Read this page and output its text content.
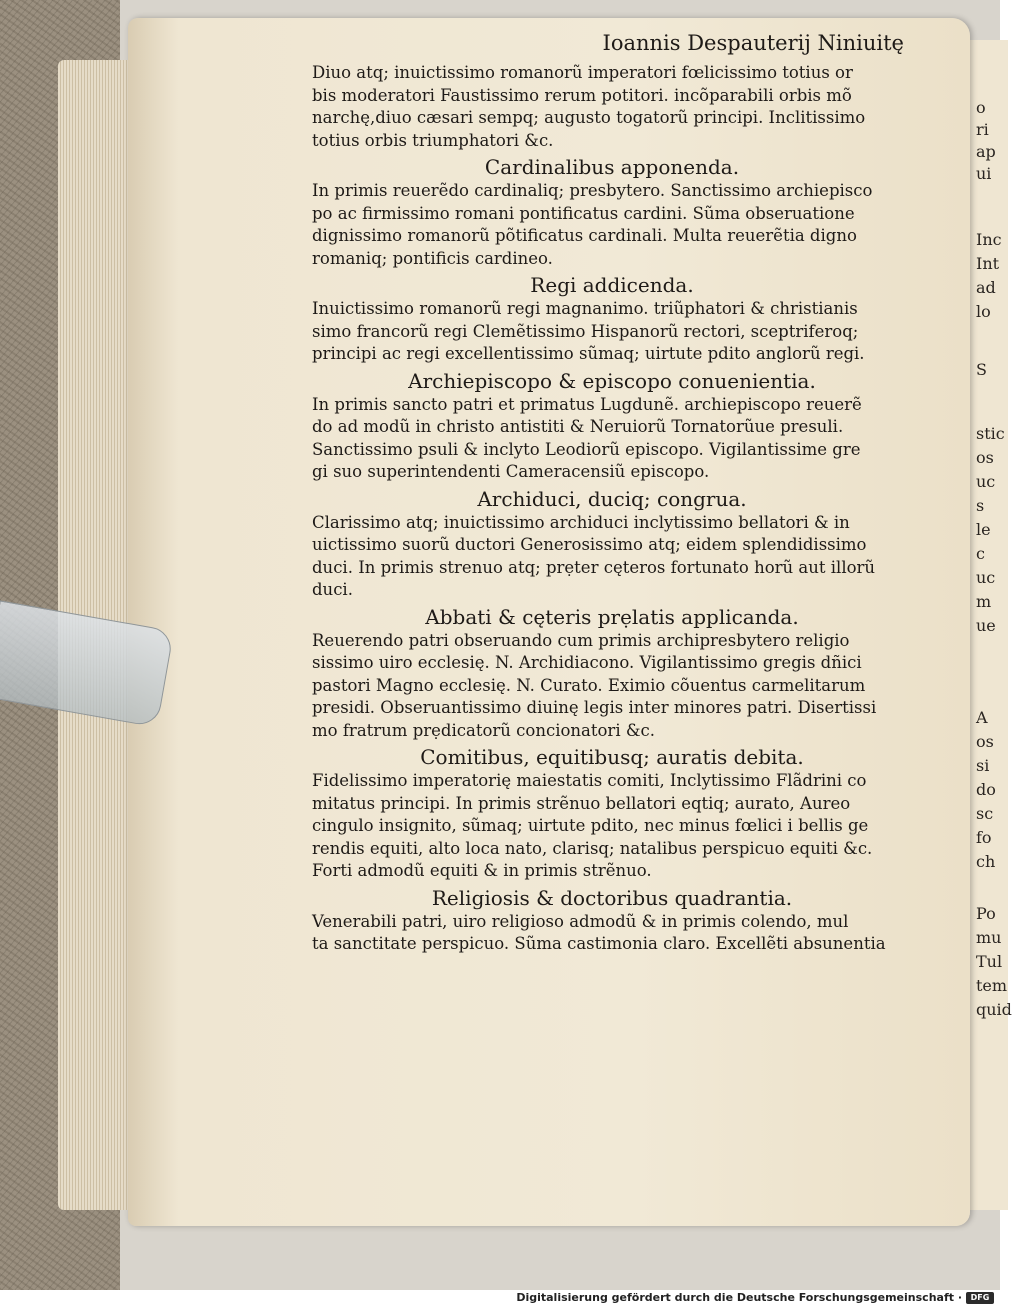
o
ri
ap
ui
Inc
Int
ad
lo
S
stic
os
uc
s
le
c
uc
m
ue
A
os
si
do
sc
fo
ch
Po
mu
Tul
tem
quid
Ioannis Despauterij Niniuitę
Diuo atq; inuictissimo romanorũ imperatori fœlicissimo totius or
bis moderatori Faustissimo rerum potitori. incõparabili orbis mõ
narchę,diuo cæsari sempq; augusto togatorũ principi. Inclitissimo
totius orbis triumphatori &c.
Cardinalibus apponenda.
In primis reuerẽdo cardinaliq; presbytero. Sanctissimo archiepisco
po ac firmissimo romani pontificatus cardini. Sũma obseruatione
dignissimo romanorũ põtificatus cardinali. Multa reuerẽtia digno
romaniq; pontificis cardineo.
Regi addicenda.
Inuictissimo romanorũ regi magnanimo. triũphatori & christianis
simo francorũ regi Clemẽtissimo Hispanorũ rectori, sceptriferoq;
principi ac regi excellentissimo sũmaq; uirtute pdito anglorũ regi.
Archiepiscopo & episcopo conuenientia.
In primis sancto patri et primatus Lugdunẽ. archiepiscopo reuerẽ
do ad modũ in christo antistiti & Neruiorũ Tornatorũue presuli.
Sanctissimo psuli & inclyto Leodiorũ episcopo. Vigilantissime gre
gi suo superintendenti Cameracensiũ episcopo.
Archiduci, duciq; congrua.
Clarissimo atq; inuictissimo archiduci inclytissimo bellatori & in
uictissimo suorũ ductori Generosissimo atq; eidem splendidissimo
duci. In primis strenuo atq; prẹter cęteros fortunato horũ aut illorũ
duci.
Abbati & cęteris prẹlatis applicanda.
Reuerendo patri obseruando cum primis archipresbytero religio
sissimo uiro ecclesię. N. Archidiacono. Vigilantissimo gregis dñici
pastori Magno ecclesię. N. Curato. Eximio cõuentus carmelitarum
presidi. Obseruantissimo diuinę legis inter minores patri. Disertissi
mo fratrum prẹdicatorũ concionatori &c.
Comitibus, equitibusq; auratis debita.
Fidelissimo imperatorię maiestatis comiti, Inclytissimo Flãdrini co
mitatus principi. In primis strẽnuo bellatori eqtiq; aurato, Aureo
cingulo insignito, sũmaq; uirtute pdito, nec minus fœlici i bellis ge
rendis equiti, alto loca nato, clarisq; natalibus perspicuo equiti &c.
Forti admodũ equiti & in primis strẽnuo.
Religiosis & doctoribus quadrantia.
Venerabili patri, uiro religioso admodũ & in primis colendo, mul
ta sanctitate perspicuo. Sũma castimonia claro. Excellẽti absunentia
Digitalisierung gefördert durch die Deutsche Forschungsgemeinschaft ·	DFG
